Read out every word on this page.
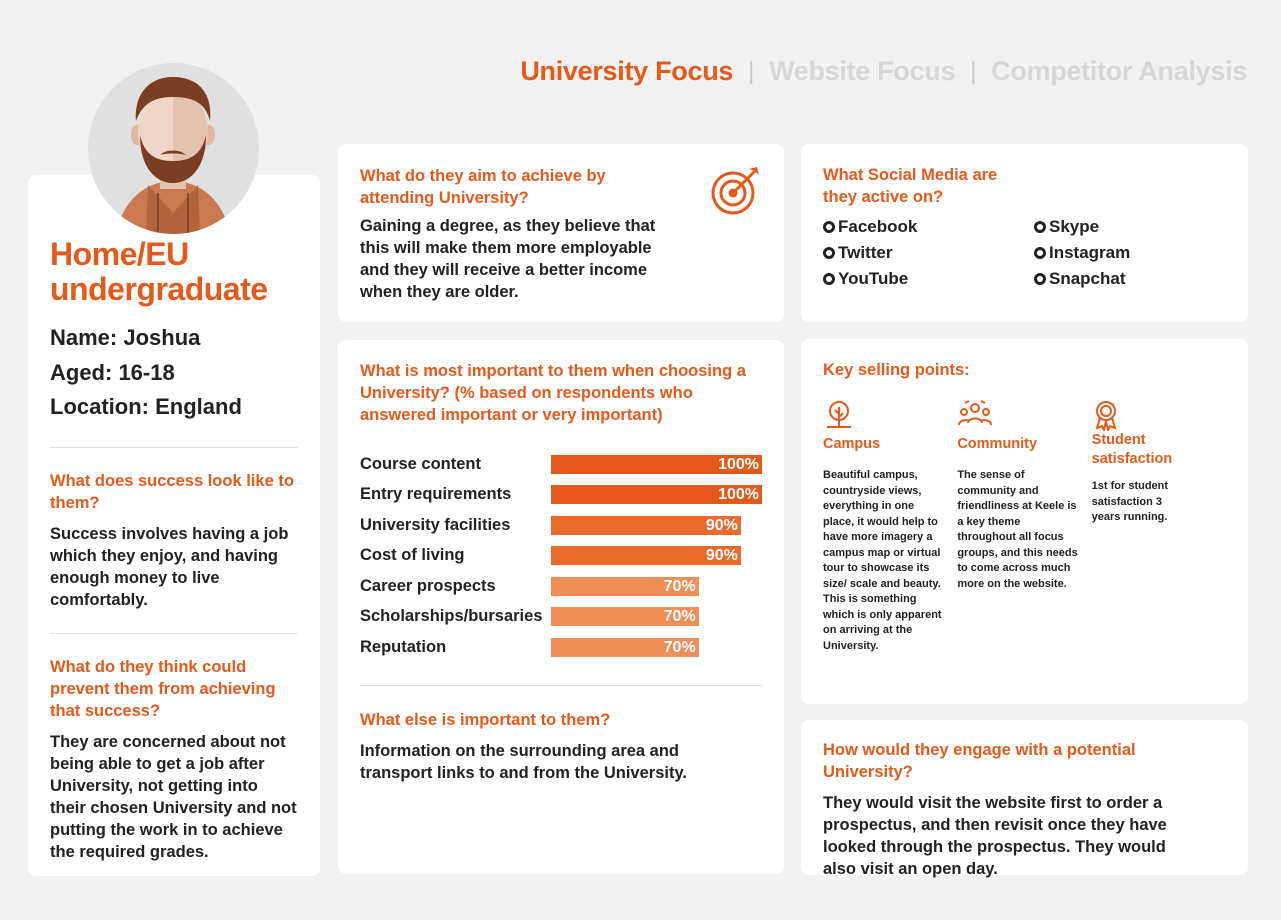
University Focus | Website Focus | Competitor Analysis
Home/EU undergraduate
Name: Joshua
Aged: 16-18
Location: England
What does success look like to them?
Success involves having a job which they enjoy, and having enough money to live comfortably.
What do they think could prevent them from achieving that success?
They are concerned about not being able to get a job after University, not getting into their chosen University and not putting the work in to achieve the required grades.
What do they aim to achieve by attending University?
Gaining a degree, as they believe that this will make them more employable and they will receive a better income when they are older.
What is most important to them when choosing a University? (% based on respondents who answered important or very important)
Course content	100%
Entry requirements	100%
University facilities	90%
Cost of living	90%
Career prospects	70%
Scholarships/bursaries	70%
Reputation	70%
What else is important to them?
Information on the surrounding area and transport links to and from the University.
What Social Media are they active on?
Facebook	Skype
Twitter	Instagram
YouTube	Snapchat
Key selling points:
Campus
Beautiful campus, countryside views, everything in one place, it would help to have more imagery a campus map or virtual tour to showcase its size/ scale and beauty. This is something which is only apparent on arriving at the University.
Community
The sense of community and friendliness at Keele is a key theme throughout all focus groups, and this needs to come across much more on the website.
Student satisfaction
1st for student satisfaction 3 years running.
How would they engage with a potential University?
They would visit the website first to order a prospectus, and then revisit once they have looked through the prospectus. They would also visit an open day.
